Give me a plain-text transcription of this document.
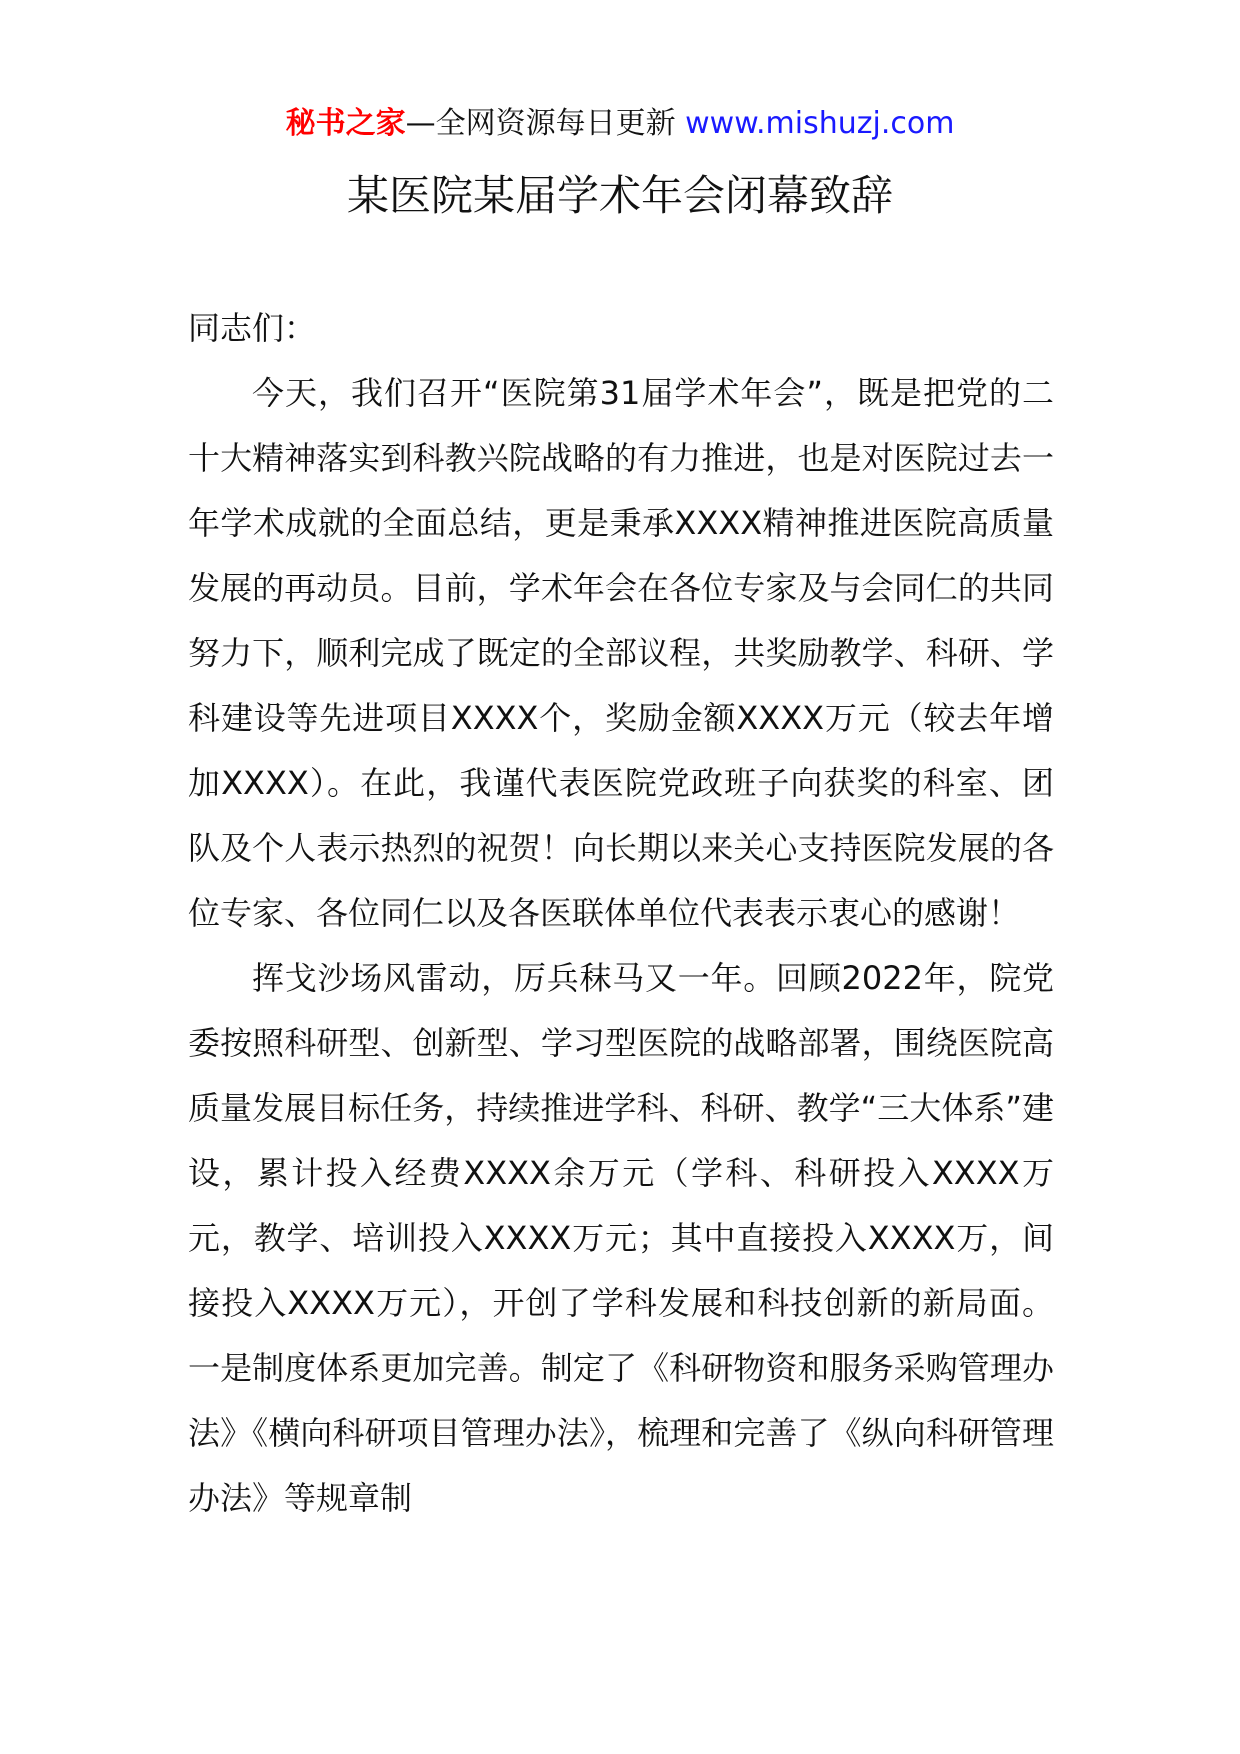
秘书之家—全网资源每日更新 www.mishuzj.com
某医院某届学术年会闭幕致辞

同志们：

今天，我们召开“医院第31届学术年会”，既是把党的二十大精神落实到科教兴院战略的有力推进，也是对医院过去一年学术成就的全面总结，更是秉承XXXX精神推进医院高质量发展的再动员。目前，学术年会在各位专家及与会同仁的共同努力下，顺利完成了既定的全部议程，共奖励教学、科研、学科建设等先进项目XXXX个，奖励金额XXXX万元（较去年增加XXXX）。在此，我谨代表医院党政班子向获奖的科室、团队及个人表示热烈的祝贺！向长期以来关心支持医院发展的各位专家、各位同仁以及各医联体单位代表表示衷心的感谢！

挥戈沙场风雷动，厉兵秣马又一年。回顾2022年，院党委按照科研型、创新型、学习型医院的战略部署，围绕医院高质量发展目标任务，持续推进学科、科研、教学“三大体系”建设，累计投入经费XXXX余万元（学科、科研投入XXXX万元，教学、培训投入XXXX万元；其中直接投入XXXX万，间接投入XXXX万元），开创了学科发展和科技创新的新局面。一是制度体系更加完善。制定了《科研物资和服务采购管理办法》《横向科研项目管理办法》，梳理和完善了《纵向科研管理办法》等规章制
